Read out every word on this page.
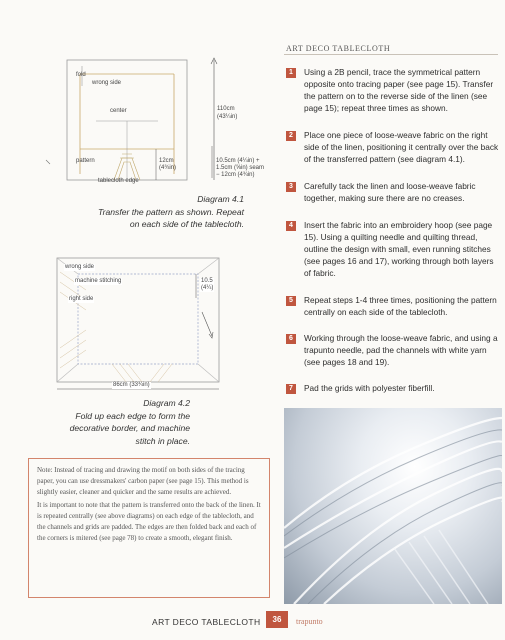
fold
wrong side
center
pattern
tablecloth edge
110cm
(43¼in)
12cm
(4¾in)
10.5cm (4¼in) +
1.5cm (⅝in) seam
− 12cm (4¾in)
Diagram 4.1
Transfer the pattern as shown. Repeat
on each side of the tablecloth.
wrong side
machine stitching
right side
10.5
(4¼)
86cm (33¾in)
Diagram 4.2
Fold up each edge to form the
decorative border, and machine
stitch in place.
ART DECO TABLECLOTH
1	Using a 2B pencil, trace the symmetrical pattern opposite onto tracing paper (see page 15). Transfer the pattern on to the reverse side of the linen (see page 15); repeat three times as shown.
2	Place one piece of loose-weave fabric on the right side of the linen, positioning it centrally over the back of the transferred pattern (see diagram 4.1).
3	Carefully tack the linen and loose-weave fabric together, making sure there are no creases.
4	Insert the fabric into an embroidery hoop (see page 15). Using a quilting needle and quilting thread, outline the design with small, even running stitches (see pages 16 and 17), working through both layers of fabric.
5	Repeat steps 1-4 three times, positioning the pattern centrally on each side of the tablecloth.
6	Working through the loose-weave fabric, and using a trapunto needle, pad the channels with white yarn (see pages 18 and 19).
7	Pad the grids with polyester fiberfill.

Note: Instead of tracing and drawing the motif on both sides of the tracing paper, you can use dressmakers' carbon paper (see page 15). This method is slightly easier, cleaner and quicker and the same results are achieved.

It is important to note that the pattern is transferred onto the back of the linen. It is repeated centrally (see above diagrams) on each edge of the tablecloth, and the channels and grids are padded. The edges are then folded back and each of the corners is mitered (see page 78) to create a smooth, elegant finish.

ART DECO TABLECLOTH	36	trapunto
